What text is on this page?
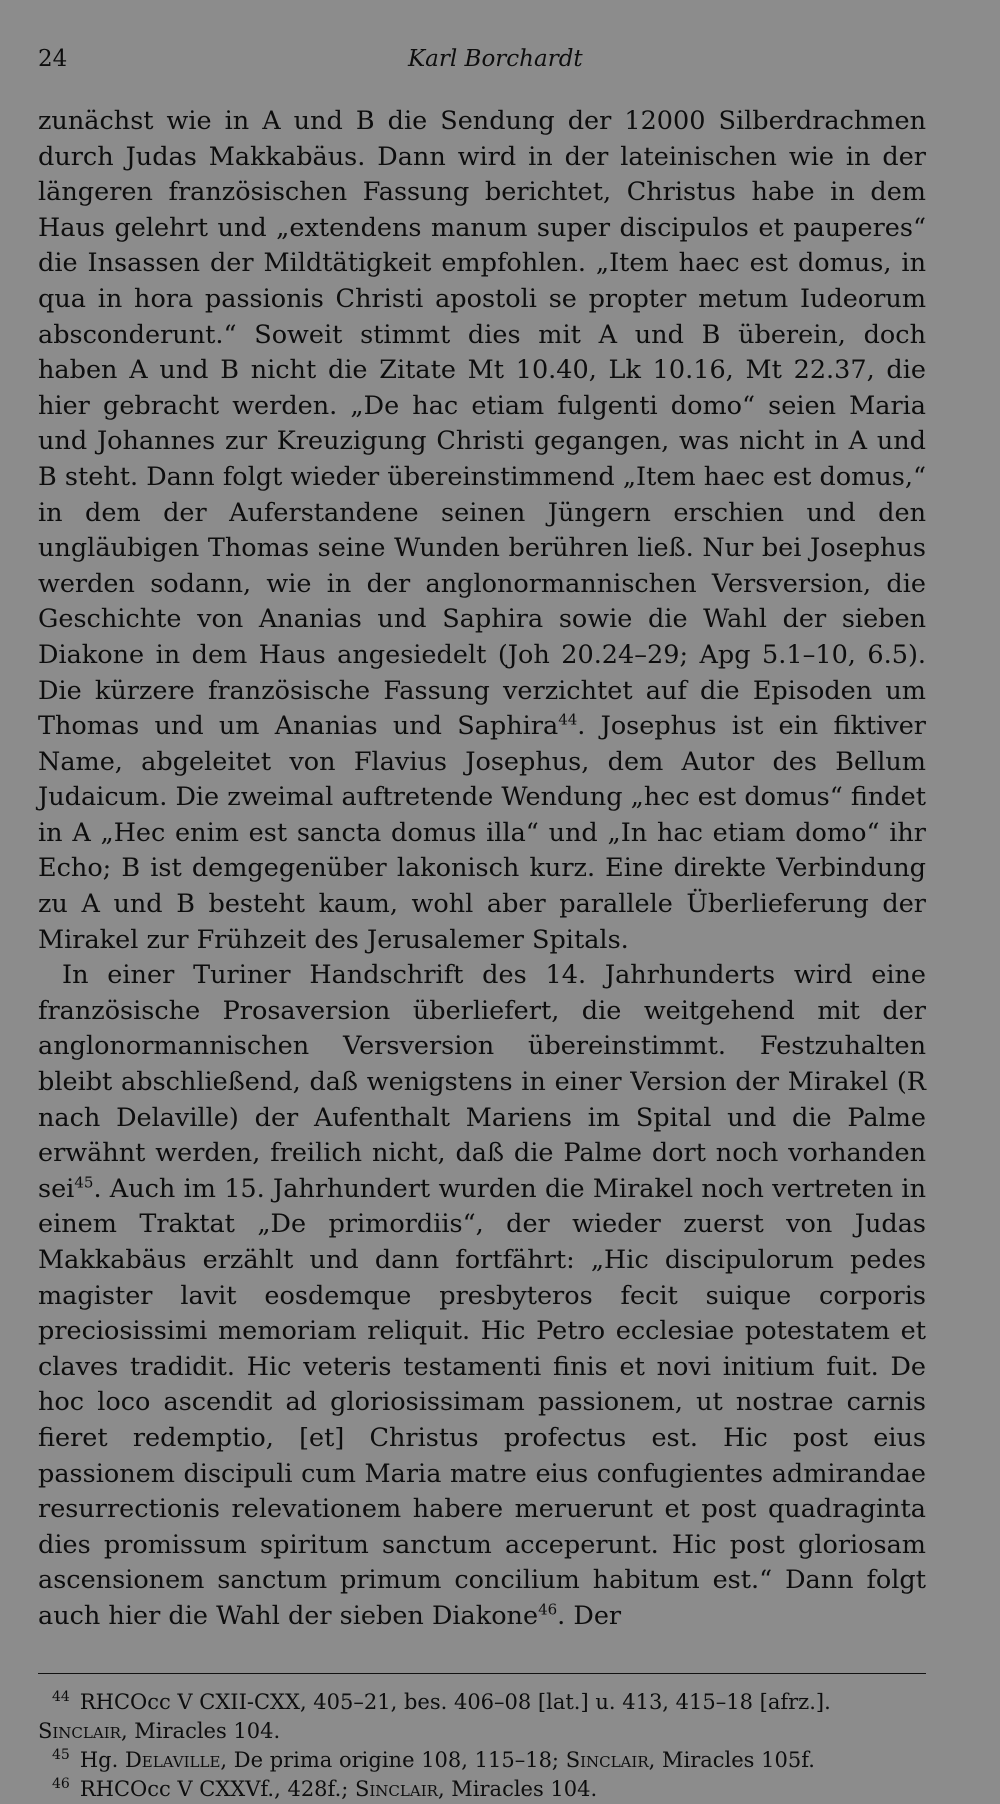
24	Karl Borchardt

zunächst wie in A und B die Sendung der 12000 Silberdrachmen durch Judas Makkabäus. Dann wird in der lateinischen wie in der längeren französischen Fassung berichtet, Christus habe in dem Haus gelehrt und „extendens manum super discipulos et pauperes“ die Insassen der Mildtätigkeit empfohlen. „Item haec est domus, in qua in hora passionis Christi apostoli se propter metum Iudeorum absconderunt.“ Soweit stimmt dies mit A und B überein, doch haben A und B nicht die Zitate Mt 10.40, Lk 10.16, Mt 22.37, die hier gebracht werden. „De hac etiam fulgenti domo“ seien Maria und Johannes zur Kreuzigung Christi gegangen, was nicht in A und B steht. Dann folgt wieder übereinstimmend „Item haec est domus,“ in dem der Auferstandene seinen Jüngern erschien und den ungläubigen Thomas seine Wunden berühren ließ. Nur bei Josephus werden sodann, wie in der anglonormannischen Versversion, die Geschichte von Ananias und Saphira sowie die Wahl der sieben Diakone in dem Haus angesiedelt (Joh 20.24–29; Apg 5.1–10, 6.5). Die kürzere französische Fassung verzichtet auf die Episoden um Thomas und um Ananias und Saphira$^{44}$. Josephus ist ein fiktiver Name, abgeleitet von Flavius Josephus, dem Autor des Bellum Judaicum. Die zweimal auftretende Wendung „hec est domus“ findet in A „Hec enim est sancta domus illa“ und „In hac etiam domo“ ihr Echo; B ist demgegenüber lakonisch kurz. Eine direkte Verbindung zu A und B besteht kaum, wohl aber parallele Überlieferung der Mirakel zur Frühzeit des Jerusalemer Spitals.

In einer Turiner Handschrift des 14. Jahrhunderts wird eine französische Prosaversion überliefert, die weitgehend mit der anglonormannischen Versversion übereinstimmt. Festzuhalten bleibt abschließend, daß wenigstens in einer Version der Mirakel (R nach Delaville) der Aufenthalt Mariens im Spital und die Palme erwähnt werden, freilich nicht, daß die Palme dort noch vorhanden sei$^{45}$. Auch im 15. Jahrhundert wurden die Mirakel noch vertreten in einem Traktat „De primordiis“, der wieder zuerst von Judas Makkabäus erzählt und dann fortfährt: „Hic discipulorum pedes magister lavit eosdemque presbyteros fecit suique corporis preciosissimi memoriam reliquit. Hic Petro ecclesiae potestatem et claves tradidit. Hic veteris testamenti finis et novi initium fuit. De hoc loco ascendit ad gloriosissimam passionem, ut nostrae carnis fieret redemptio, [et] Christus profectus est. Hic post eius passionem discipuli cum Maria matre eius confugientes admirandae resurrectionis relevationem habere meruerunt et post quadraginta dies promissum spiritum sanctum acceperunt. Hic post gloriosam ascensionem sanctum primum concilium habitum est.“ Dann folgt auch hier die Wahl der sieben Diakone$^{46}$. Der

$^{44}$ RHCOcc V CXII-CXX, 405–21, bes. 406–08 [lat.] u. 413, 415–18 [afrz.]. Sinclair, Miracles 104.

$^{45}$ Hg. Delaville, De prima origine 108, 115–18; Sinclair, Miracles 105f.

$^{46}$ RHCOcc V CXXVf., 428f.; Sinclair, Miracles 104.
